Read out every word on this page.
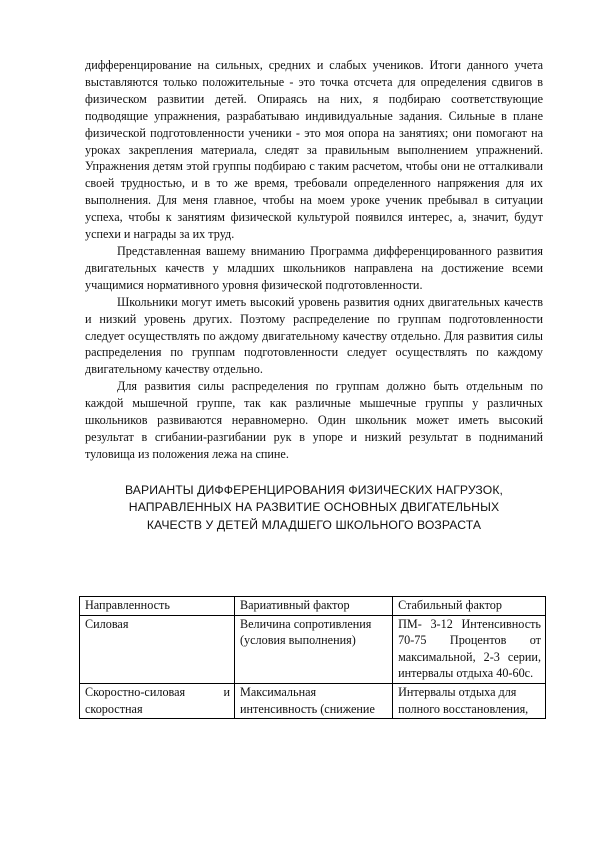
дифференцирование на сильных, средних и слабых учеников. Итоги данного учета выставляются только положительные - это точка отсчета для определения сдвигов в физическом развитии детей. Опираясь на них, я подбираю соответствующие подводящие упражнения, разрабатываю индивидуальные задания. Сильные в плане физической подготовленности ученики - это моя опора на занятиях; они помогают на уроках закрепления материала, следят за правильным выполнением упражнений. Упражнения детям этой группы подбираю с таким расчетом, чтобы они не отталкивали своей трудностью, и в то же время, требовали определенного напряжения для их выполнения. Для меня главное, чтобы на моем уроке ученик пребывал в ситуации успеха, чтобы к занятиям физической культурой появился интерес, а, значит, будут успехи и награды за их труд.

Представленная вашему вниманию Программа дифференцированного развития двигательных качеств у младших школьников направлена на достижение всеми учащимися нормативного уровня физической подготовленности.

Школьники могут иметь высокий уровень развития одних двигательных качеств и низкий уровень других. Поэтому распределение по группам подготовленности следует осуществлять по аждому двигательному качеству отдельно. Для развития силы распределения по группам подготовленности следует осуществлять по каждому двигательному качеству отдельно.

Для развития силы распределения по группам должно быть отдельным по каждой мышечной группе, так как различные мышечные группы у различных школьников развиваются неравномерно. Один школьник может иметь высокий результат в сгибании-разгибании рук в упоре и низкий результат в подниманий туловища из положения лежа на спине.

ВАРИАНТЫ ДИФФЕРЕНЦИРОВАНИЯ ФИЗИЧЕСКИХ НАГРУЗОК,
НАПРАВЛЕННЫХ НА РАЗВИТИЕ ОСНОВНЫХ ДВИГАТЕЛЬНЫХ
КАЧЕСТВ У ДЕТЕЙ МЛАДШЕГО ШКОЛЬНОГО ВОЗРАСТА
Направленность	Вариативный фактор	Стабильный фактор
Силовая	Величина сопротивления (условия выполнения)	ПМ- 3-12 Интенсивность 70-75 Процентов от максимальной, 2-3 серии, интервалы отдыха 40-60с.
Скоростно-силовая и скоростная	Максимальная интенсивность (снижение	Интервалы отдыха для полного восстановления,
